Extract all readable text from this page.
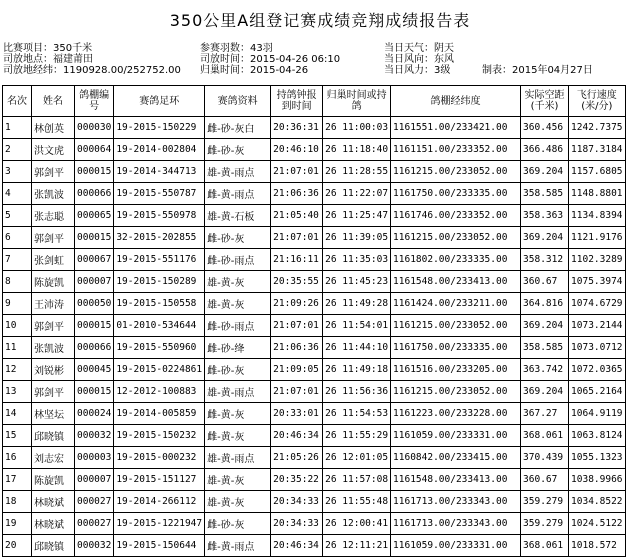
350公里A组登记赛成绩竞翔成绩报告表
比赛项目：350千米
司放地点：福建莆田
司放地经纬：1190928.00/252752.00
参赛羽数：43羽
司放时间：2015-04-26 06:10
归巢时间：2015-04-26
当日天气：阴天
当日风向：东风
当日风力：3级	制表：2015年04月27日
名次	姓名	鸽棚编号	赛鸽足环	赛鸽资料	持鸽钟报到时间	归巢时间或持鸽	鸽棚经纬度	实际空距(千米)	飞行速度(米/分)
1	林创英	000030	19-2015-150229	雌-砂-灰白	20:36:31	26 11:00:03	1161551.00/233421.00	360.456	1242.7375
2	洪文虎	000064	19-2014-002804	雌-砂-灰	20:46:10	26 11:18:40	1161151.00/233352.00	366.486	1187.3184
3	郭剑平	000015	19-2014-344713	雄-黄-雨点	21:07:01	26 11:28:55	1161215.00/233052.00	369.204	1157.6805
4	张凯波	000066	19-2015-550787	雌-黄-雨点	21:06:36	26 11:22:07	1161750.00/233335.00	358.585	1148.8801
5	张志聪	000065	19-2015-550978	雄-黄-石板	21:05:40	26 11:25:47	1161746.00/233352.00	358.363	1134.8394
6	郭剑平	000015	32-2015-202855	雌-砂-灰	21:07:01	26 11:39:05	1161215.00/233052.00	369.204	1121.9176
7	张剑虹	000067	19-2015-551176	雌-砂-雨点	21:16:11	26 11:35:03	1161802.00/233335.00	358.312	1102.3289
8	陈旋凯	000007	19-2015-150289	雄-黄-灰	20:35:55	26 11:45:23	1161548.00/233413.00	360.67	1075.3974
9	王沛涛	000050	19-2015-150558	雄-黄-灰	21:09:26	26 11:49:28	1161424.00/233211.00	364.816	1074.6729
10	郭剑平	000015	01-2010-534644	雌-砂-雨点	21:07:01	26 11:54:01	1161215.00/233052.00	369.204	1073.2144
11	张凯波	000066	19-2015-550960	雌-砂-绛	21:06:36	26 11:44:10	1161750.00/233335.00	358.585	1073.0712
12	刘锐彬	000045	19-2015-0224861	雌-砂-灰	21:09:05	26 11:49:18	1161516.00/233205.00	363.742	1072.0365
13	郭剑平	000015	12-2012-100883	雄-黄-雨点	21:07:01	26 11:56:36	1161215.00/233052.00	369.204	1065.2164
14	林坚坛	000024	19-2014-005859	雌-黄-灰	20:33:01	26 11:54:53	1161223.00/233228.00	367.27	1064.9119
15	邱晓镇	000032	19-2015-150232	雌-黄-灰	20:46:34	26 11:55:29	1161059.00/233331.00	368.061	1063.8124
16	刘志宏	000003	19-2015-000232	雄-黄-雨点	21:05:26	26 12:01:05	1160842.00/233415.00	370.439	1055.1323
17	陈旋凯	000007	19-2015-151127	雄-黄-灰	20:35:22	26 11:57:08	1161548.00/233413.00	360.67	1038.9966
18	林晓斌	000027	19-2014-266112	雄-黄-灰	20:34:33	26 11:55:48	1161713.00/233343.00	359.279	1034.8522
19	林晓斌	000027	19-2015-1221947	雌-砂-灰	20:34:33	26 12:00:41	1161713.00/233343.00	359.279	1024.5122
20	邱晓镇	000032	19-2015-150644	雌-黄-雨点	20:46:34	26 12:11:21	1161059.00/233331.00	368.061	1018.572
